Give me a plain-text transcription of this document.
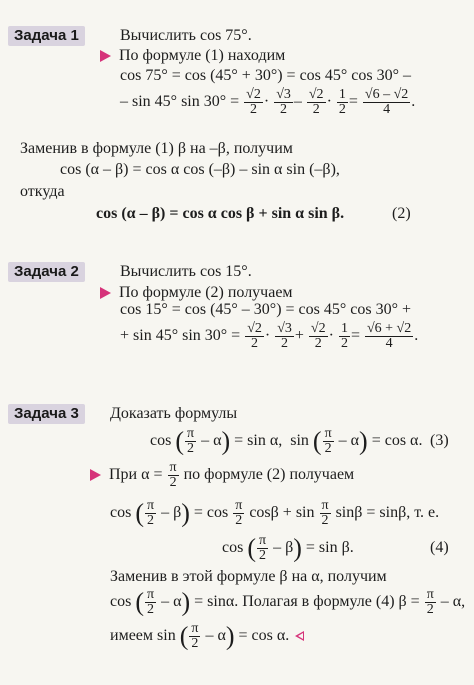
Задача 1	Вычислить cos 75°.
По формуле (1) находим
cos 75° = cos (45° + 30°) = cos 45° cos 30° –
– sin 45° $\sin 30^\circ = \frac{√2}{2} \cdot \frac{√3}{2} - \frac{√2}{2} \cdot \frac{1}{2} = \frac{√6 - √2}{4}$ .
Заменив в формуле (1) β на –β, получим
cos (α – β) = cos α cos (–β) – sin α sin (–β),
откуда
cos (α – β) = cos α cos β + sin α sin β.	(2)
Задача 2	Вычислить cos 15°.
По формуле (2) получаем
cos 15° = cos (45° – 30°) = cos 45° cos 30° +
+ sin 45° $\sin 30^\circ = \frac{√2}{2} \cdot \frac{√3}{2} + \frac{√2}{2} \cdot \frac{1}{2} = \frac{√6 + √2}{4}$ .
Задача 3	Доказать формулы
cos ( $\frac{\pi}{2} - \alpha) = \sin \alpha$,  sin ( $\frac{\pi}{2} - \alpha) = \cos \alpha$. (3)
При $\alpha = \frac{\pi}{2}$ по формуле (2) получаем
cos ( $\frac{\pi}{2} - \beta) = \cos \frac{\pi}{2}$ $\cos\beta + \sin \frac{\pi}{2}$ sinβ = sinβ, т. е.
cos ( $\frac{\pi}{2} - \beta) = \sin \beta$.	(4)
Заменив в этой формуле β на α, получим
cos ( $\frac{\pi}{2} - \alpha) = \sin\alpha$. Полагая в формуле (4) $\beta = \frac{\pi}{2} - \alpha$,
имеем sin ( $\frac{\pi}{2} - \alpha) = \cos \alpha$.
